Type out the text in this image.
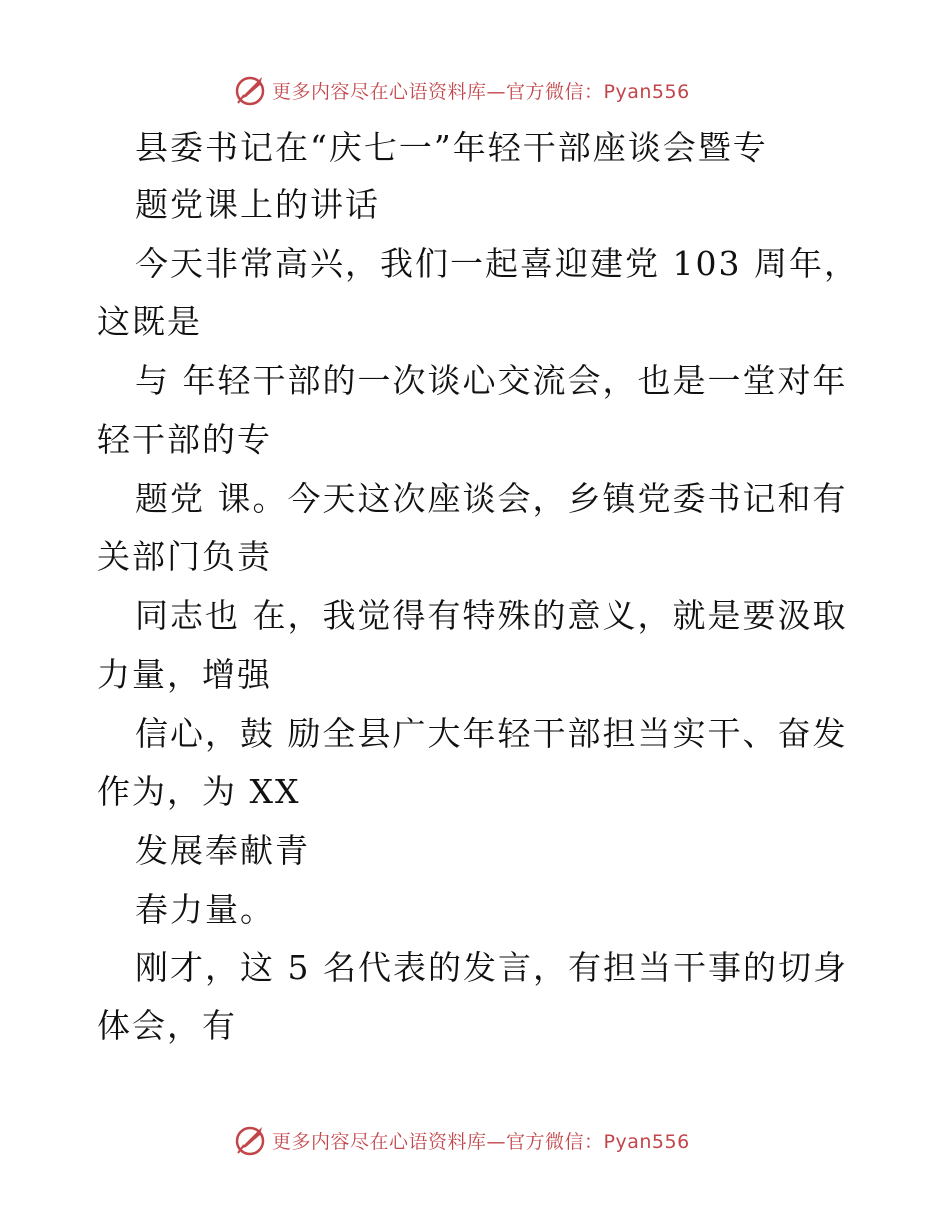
更多内容尽在心语资料库—官方微信：Pyan556
县委书记在“庆七一”年轻干部座谈会暨专
题党课上的讲话
今天非常高兴，我们一起喜迎建党 103 周年，
这既是
与 年轻干部的一次谈心交流会，也是一堂对年
轻干部的专
题党 课。今天这次座谈会，乡镇党委书记和有
关部门负责
同志也 在，我觉得有特殊的意义，就是要汲取
力量，增强
信心，鼓 励全县广大年轻干部担当实干、奋发
作为，为 XX
发展奉献青
春力量。
刚才，这 5 名代表的发言，有担当干事的切身
体会，有
更多内容尽在心语资料库—官方微信：Pyan556
